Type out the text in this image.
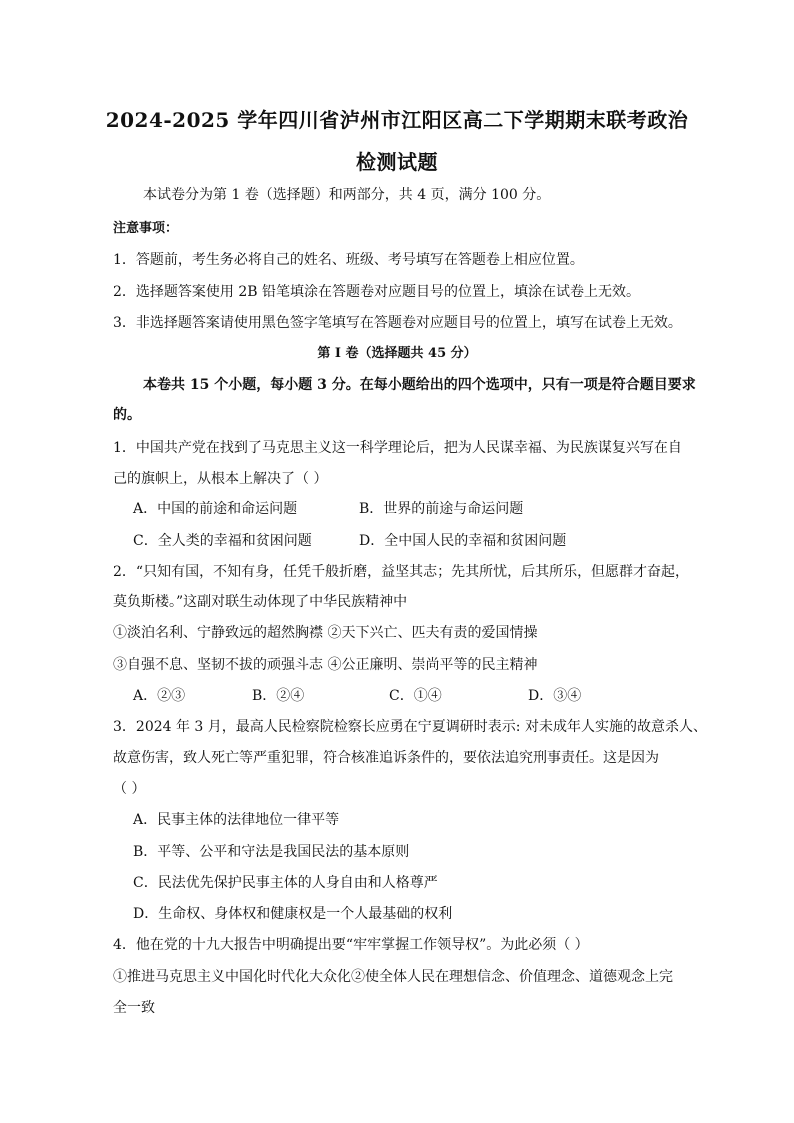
2024-2025 学年四川省泸州市江阳区高二下学期期末联考政治
检测试题
本试卷分为第 1 卷（选择题）和两部分，共 4 页，满分 100 分。
注意事项：
1．答题前，考生务必将自己的姓名、班级、考号填写在答题卷上相应位置。
2．选择题答案使用 2B 铅笔填涂在答题卷对应题目号的位置上，填涂在试卷上无效。
3．非选择题答案请使用黑色签字笔填写在答题卷对应题目号的位置上，填写在试卷上无效。
第 I 卷（选择题共 45 分）
本卷共 15 个小题，每小题 3 分。在每小题给出的四个选项中，只有一项是符合题目要求
的。
1．中国共产党在找到了马克思主义这一科学理论后，把为人民谋幸福、为民族谋复兴写在自
己的旗帜上，从根本上解决了（ ）
A．中国的前途和命运问题	B．世界的前途与命运问题
C．全人类的幸福和贫困问题	D．全中国人民的幸福和贫困问题
2．“只知有国，不知有身，任凭千般折磨，益坚其志；先其所忧，后其所乐，但愿群才奋起，
莫负斯楼。”这副对联生动体现了中华民族精神中
①淡泊名利、宁静致远的超然胸襟 ②天下兴亡、匹夫有责的爱国情操
③自强不息、坚韧不拔的顽强斗志 ④公正廉明、崇尚平等的民主精神
A．②③	B．②④	C．①④	D．③④
3．2024 年 3 月，最高人民检察院检察长应勇在宁夏调研时表示: 对未成年人实施的故意杀人、
故意伤害，致人死亡等严重犯罪，符合核准追诉条件的，要依法追究刑事责任。这是因为
（ ）
A．民事主体的法律地位一律平等
B．平等、公平和守法是我国民法的基本原则
C．民法优先保护民事主体的人身自由和人格尊严
D．生命权、身体权和健康权是一个人最基础的权利
4．他在党的十九大报告中明确提出要“牢牢掌握工作领导权”。为此必须（ ）
①推进马克思主义中国化时代化大众化②使全体人民在理想信念、价值理念、道德观念上完
全一致
